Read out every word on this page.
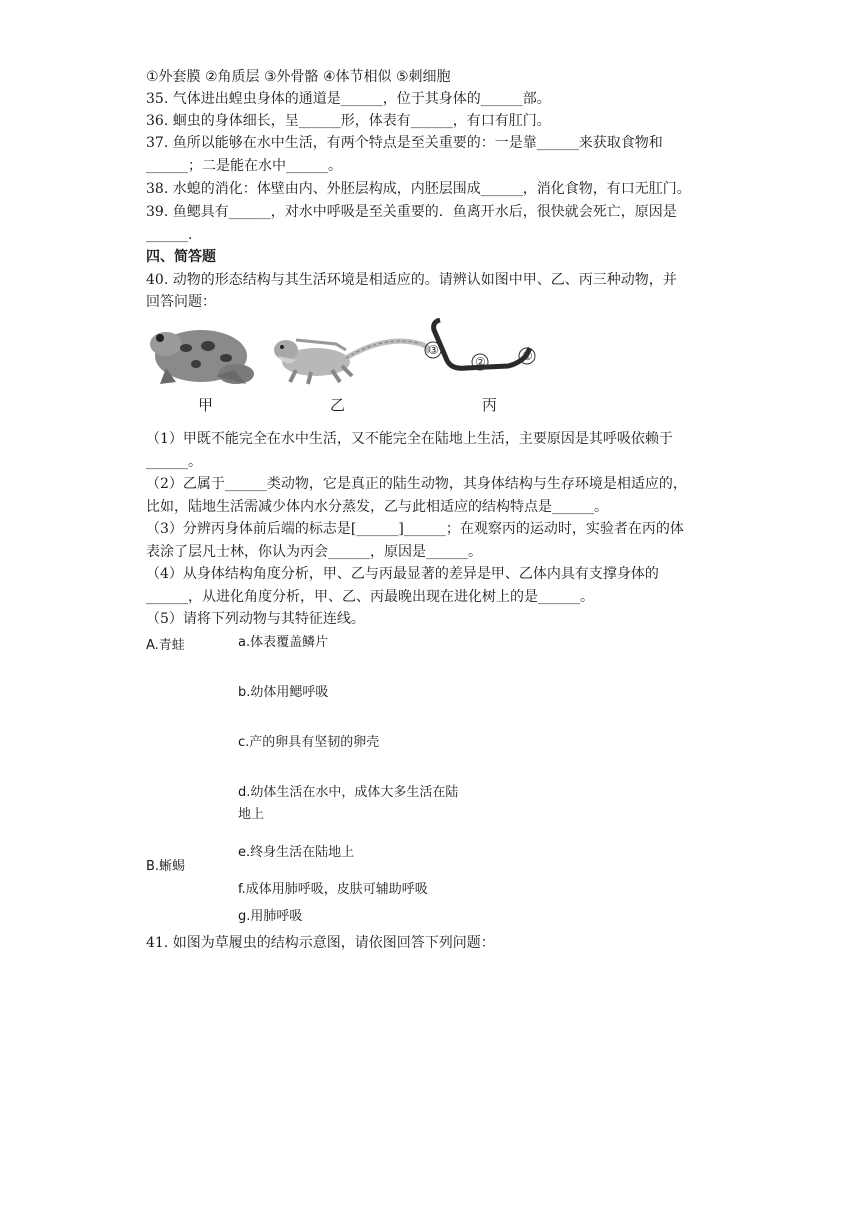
①外套膜 ②角质层 ③外骨骼 ④体节相似 ⑤刺细胞
35. 气体进出蝗虫身体的通道是______，位于其身体的______部。
36. 蛔虫的身体细长，呈______形，体表有______，有口有肛门。
37. 鱼所以能够在水中生活，有两个特点是至关重要的：一是靠______来获取食物和
______；二是能在水中______。
38. 水螅的消化：体壁由内、外胚层构成，内胚层围成______，消化食物，有口无肛门。
39. 鱼鳃具有______，对水中呼吸是至关重要的．鱼离开水后，很快就会死亡，原因是
______.
四、简答题
40. 动物的形态结构与其生活环境是相适应的。请辨认如图中甲、乙、丙三种动物，并
回答问题：
③
②	①
甲	乙	丙
（1）甲既不能完全在水中生活，又不能完全在陆地上生活，主要原因是其呼吸依赖于
______。
（2）乙属于______类动物，它是真正的陆生动物，其身体结构与生存环境是相适应的，
比如，陆地生活需减少体内水分蒸发，乙与此相适应的结构特点是______。
（3）分辨丙身体前后端的标志是[______]______；在观察丙的运动时，实验者在丙的体
表涂了层凡士林，你认为丙会______，原因是______。
（4）从身体结构角度分析，甲、乙与丙最显著的差异是甲、乙体内具有支撑身体的
______，从进化角度分析，甲、乙、丙最晚出现在进化树上的是______。
（5）请将下列动物与其特征连线。
A.青蛙
B.蜥蜴
a.体表覆盖鳞片
b.幼体用鳃呼吸
c.产的卵具有坚韧的卵壳
d.幼体生活在水中，成体大多生活在陆
地上
e.终身生活在陆地上
f.成体用肺呼吸，皮肤可辅助呼吸
g.用肺呼吸
41. 如图为草履虫的结构示意图，请依图回答下列问题：
